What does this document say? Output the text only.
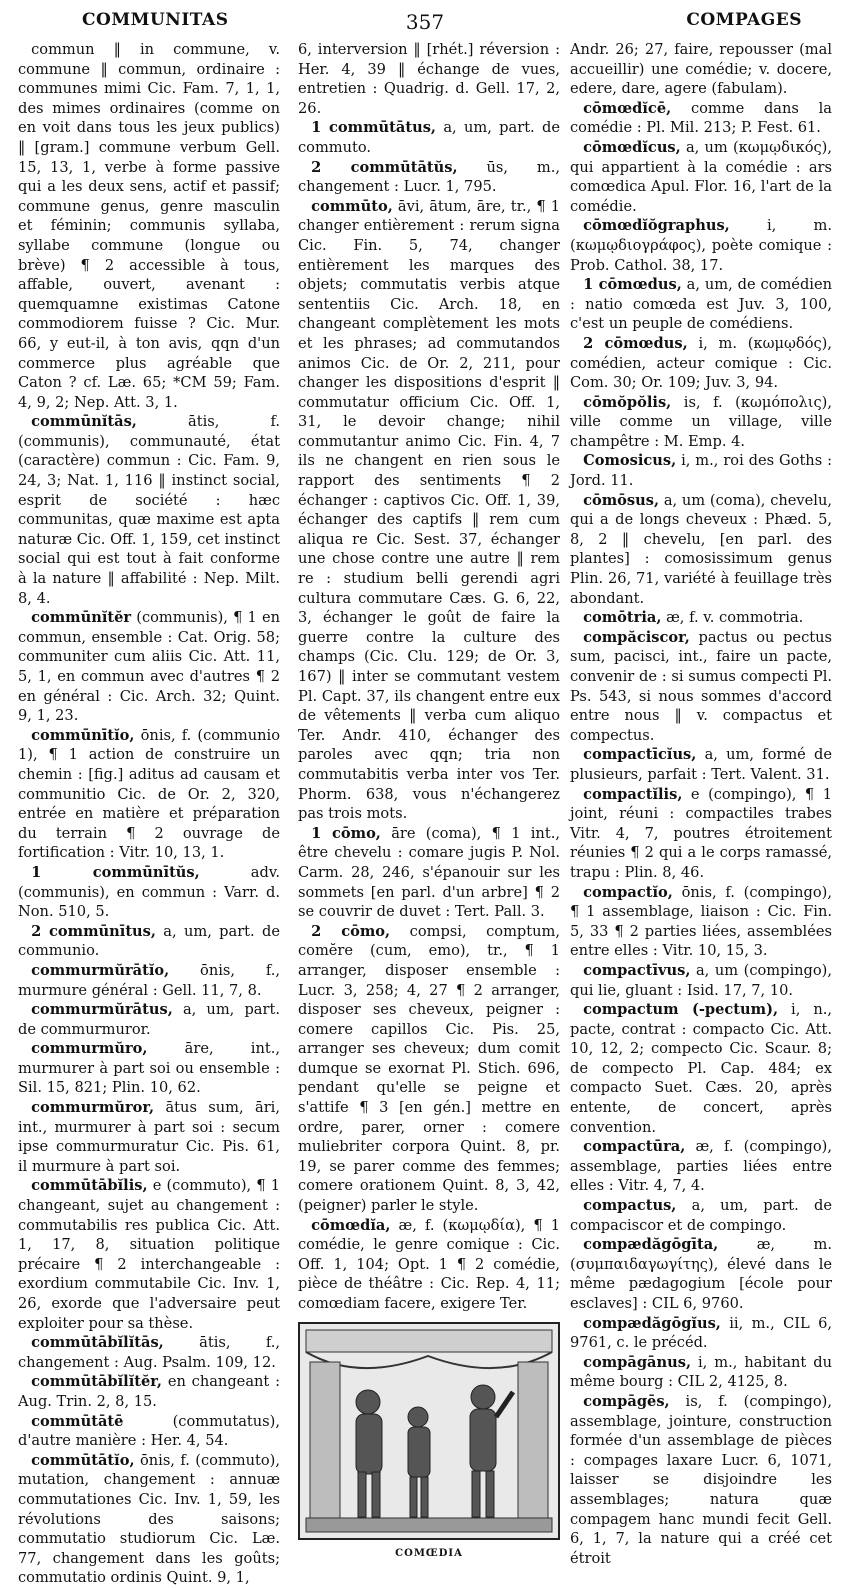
COMMUNITAS	357	COMPAGES

commun ‖ in commune, v. commune ‖ commun, ordinaire : communes mimi Cic. Fam. 7, 1, 1, des mimes ordinaires (comme on en voit dans tous les jeux publics) ‖ [gram.] commune verbum Gell. 15, 13, 1, verbe à forme passive qui a les deux sens, actif et passif; commune genus, genre masculin et féminin; communis syllaba, syllabe commune (longue ou brève) ¶ 2 accessible à tous, affable, ouvert, avenant : quemquamne existimas Catone commodiorem fuisse ? Cic. Mur. 66, y eut-il, à ton avis, qqn d'un commerce plus agréable que Caton ? cf. Læ. 65; *CM 59; Fam. 4, 9, 2; Nep. Att. 3, 1.

commūnĭtās,	ātis, f. (communis), communauté, état (caractère) commun : Cic. Fam. 9, 24, 3; Nat. 1, 116 ‖ instinct social, esprit de société : hæc communitas, quæ maxime est apta naturæ Cic. Off. 1, 159, cet instinct social qui est tout à fait conforme à la nature ‖ affabilité : Nep. Milt. 8, 4.

commūnĭtĕr (communis), ¶ 1 en commun, ensemble : Cat. Orig. 58; communiter cum aliis Cic. Att. 11, 5, 1, en commun avec d'autres ¶ 2 en général : Cic. Arch. 32; Quint. 9, 1, 23.

commūnītĭo, ōnis, f. (communio 1), ¶ 1 action de construire un chemin : [fig.] aditus ad causam et communitio Cic. de Or. 2, 320, entrée en matière et préparation du terrain ¶ 2 ouvrage de fortification : Vitr. 10, 13, 1.

1 commūnītŭs,	adv. (communis), en commun : Varr. d. Non. 510, 5.

2 commūnītus, a, um, part. de communio.

commurmŭrātĭo, ōnis, f., murmure général : Gell. 11, 7, 8.

commurmŭrātus, a, um, part. de commurmuror.

commurmŭro,	āre, int., murmurer à part soi ou ensemble : Sil. 15, 821; Plin. 10, 62.

commurmŭror, ātus sum, āri, int., murmurer à part soi : secum ipse commurmuratur Cic. Pis. 61, il murmure à part soi.

commūtābĭlis, e (commuto), ¶ 1 changeant, sujet au changement : commutabilis res publica Cic. Att. 1, 17, 8, situation politique précaire ¶ 2 interchangeable : exordium commutabile Cic. Inv. 1, 26, exorde que l'adversaire peut exploiter pour sa thèse.

commūtābĭlĭtās, ātis, f., changement : Aug. Psalm. 109, 12.

commūtābĭlĭtĕr, en changeant : Aug. Trin. 2, 8, 15.

commūtātē	(commutatus), d'autre manière : Her. 4, 54.

commūtātĭo, ōnis, f. (commuto), mutation, changement : annuæ commutationes Cic. Inv. 1, 59, les révolutions des saisons; commutatio studiorum Cic. Læ. 77, changement dans les goûts; commutatio ordinis Quint. 9, 1,

6, interversion ‖ [rhét.] réversion : Her. 4, 39 ‖ échange de vues, entretien : Quadrig. d. Gell. 17, 2, 26.

1 commūtātus, a, um, part. de commuto.

2 commūtātŭs, ūs, m., changement : Lucr. 1, 795.

commūto, āvi, ātum, āre, tr., ¶ 1 changer entièrement : rerum signa Cic. Fin. 5, 74, changer entièrement les marques des objets; commutatis verbis atque sententiis Cic. Arch. 18, en changeant complètement les mots et les phrases; ad commutandos animos Cic. de Or. 2, 211, pour changer les dispositions d'esprit ‖ commutatur officium Cic. Off. 1, 31, le devoir change; nihil commutantur animo Cic. Fin. 4, 7 ils ne changent en rien sous le rapport des sentiments ¶ 2 échanger : captivos Cic. Off. 1, 39, échanger des captifs ‖ rem cum aliqua re Cic. Sest. 37, échanger une chose contre une autre ‖ rem re : studium belli gerendi agri cultura commutare Cæs. G. 6, 22, 3, échanger le goût de faire la guerre contre la culture des champs (Cic. Clu. 129; de Or. 3, 167) ‖ inter se commutant vestem Pl. Capt. 37, ils changent entre eux de vêtements ‖ verba cum aliquo Ter. Andr. 410, échanger des paroles avec qqn; tria non commutabitis verba inter vos Ter. Phorm. 638, vous n'échangerez pas trois mots.

1 cōmo, āre (coma), ¶ 1 int., être chevelu : comare jugis P. Nol. Carm. 28, 246, s'épanouir sur les sommets [en parl. d'un arbre] ¶ 2 se couvrir de duvet : Tert. Pall. 3.

2 cōmo, compsi, comptum, comĕre (cum, emo), tr., ¶ 1 arranger, disposer ensemble : Lucr. 3, 258; 4, 27 ¶ 2 arranger, disposer ses cheveux, peigner : comere capillos Cic. Pis. 25, arranger ses cheveux; dum comit dumque se exornat Pl. Stich. 696, pendant qu'elle se peigne et s'attife ¶ 3 [en gén.] mettre en ordre, parer, orner : comere muliebriter corpora Quint. 8, pr. 19, se parer comme des femmes; comere orationem Quint. 8, 3, 42, (peigner) parler le style.

cōmœdĭa, æ, f. (κωμῳδία), ¶ 1 comédie, le genre comique : Cic. Off. 1, 104; Opt. 1 ¶ 2 comédie, pièce de théâtre : Cic. Rep. 4, 11; comœdiam facere, exigere Ter.

COMŒDIA

Andr. 26; 27, faire, repousser (mal accueillir) une comédie; v. docere, edere, dare, agere (fabulam).

cōmœdĭcē, comme dans la comédie : Pl. Mil. 213; P. Fest. 61.

cōmœdĭcus, a, um (κωμῳδικός), qui appartient à la comédie : ars comœdica Apul. Flor. 16, l'art de la comédie.

cōmœdĭŏgraphus,	i, m. (κωμῳδιογράφος), poète comique : Prob. Cathol. 38, 17.

1 cōmœdus, a, um, de comédien : natio comœda est Juv. 3, 100, c'est un peuple de comédiens.

2 cōmœdus, i, m. (κωμῳδός), comédien, acteur comique : Cic. Com. 30; Or. 109; Juv. 3, 94.

cōmŏpŏlis, is, f. (κωμόπολις), ville comme un village, ville champêtre : M. Emp. 4.

Comosicus, i, m., roi des Goths : Jord. 11.

cōmōsus, a, um (coma), chevelu, qui a de longs cheveux : Phæd. 5, 8, 2 ‖ chevelu, [en parl. des plantes] : comosissimum genus Plin. 26, 71, variété à feuillage très abondant.

comōtria, æ, f. v. commotria.

compăciscor, pactus ou pectus sum, pacisci, int., faire un pacte, convenir de : si sumus compecti Pl. Ps. 543, si nous sommes d'accord entre nous ‖ v. compactus et compectus.

compactīcĭus, a, um, formé de plusieurs, parfait : Tert. Valent. 31.

compactĭlis, e (compingo), ¶ 1 joint, réuni : compactiles trabes Vitr. 4, 7, poutres étroitement réunies ¶ 2 qui a le corps ramassé, trapu : Plin. 8, 46.

compactĭo, ōnis, f. (compingo), ¶ 1 assemblage, liaison : Cic. Fin. 5, 33 ¶ 2 parties liées, assemblées entre elles : Vitr. 10, 15, 3.

compactīvus, a, um (compingo), qui lie, gluant : Isid. 17, 7, 10.

compactum (-pectum), i, n., pacte, contrat : compacto Cic. Att. 10, 12, 2; compecto Cic. Scaur. 8; de compecto Pl. Cap. 484; ex compacto Suet. Cæs. 20, après entente, de concert, après convention.

compactūra, æ, f. (compingo), assemblage, parties liées entre elles : Vitr. 4, 7, 4.

compactus, a, um, part. de compaciscor et de compingo.

compædăgōgīta,	æ, m. (συμπαιδαγωγίτης), élevé dans le même pædagogium [école pour esclaves] : CIL 6, 9760.

compædăgōgĭus, ii, m., CIL 6, 9761, c. le précéd.

compāgānus, i, m., habitant du même bourg : CIL 2, 4125, 8.

compāgēs, is, f. (compingo), assemblage, jointure, construction formée d'un assemblage de pièces : compages laxare Lucr. 6, 1071, laisser se disjoindre les assemblages; natura quæ compagem hanc mundi fecit Gell. 6, 1, 7, la nature qui a créé cet étroit
